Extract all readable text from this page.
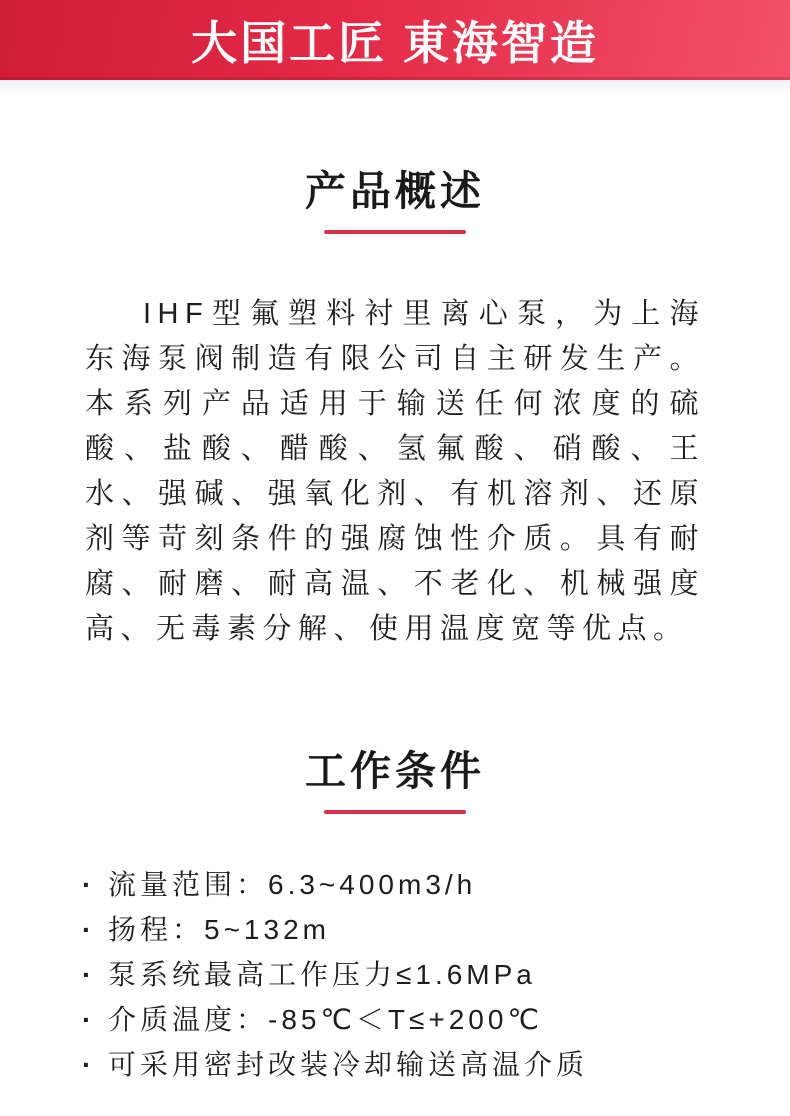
大国工匠 東海智造
产品概述

IHF型氟塑料衬里离心泵，为上海东海泵阀制造有限公司自主研发生产。本系列产品适用于输送任何浓度的硫酸、盐酸、醋酸、氢氟酸、硝酸、王水、强碱、强氧化剂、有机溶剂、还原剂等苛刻条件的强腐蚀性介质。具有耐腐、耐磨、耐高温、不老化、机械强度高、无毒素分解、使用温度宽等优点。

工作条件
· 流量范围：6.3~400m3/h
· 扬程：5~132m
· 泵系统最高工作压力≤1.6MPa
· 介质温度：-85℃＜T≤+200℃
· 可采用密封改装冷却输送高温介质
